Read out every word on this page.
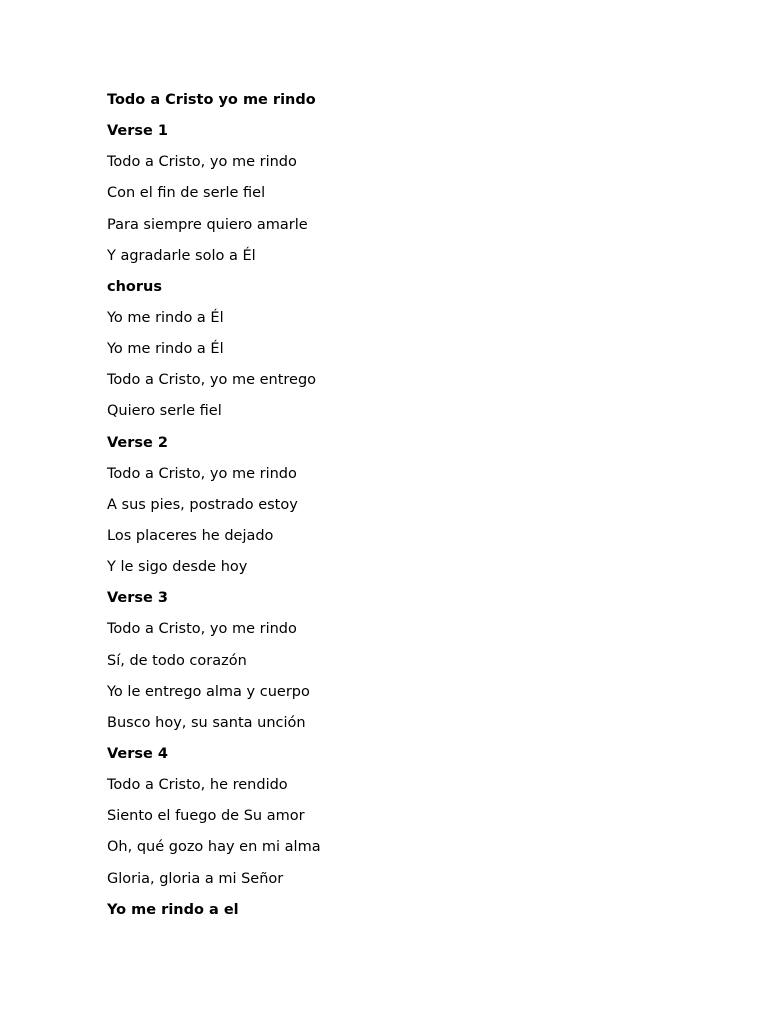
Todo a Cristo yo me rindo

Verse 1

Todo a Cristo, yo me rindo

Con el fin de serle fiel

Para siempre quiero amarle

Y agradarle solo a Él

chorus

Yo me rindo a Él

Yo me rindo a Él

Todo a Cristo, yo me entrego

Quiero serle fiel

Verse 2

Todo a Cristo, yo me rindo

A sus pies, postrado estoy

Los placeres he dejado

Y le sigo desde hoy

Verse 3

Todo a Cristo, yo me rindo

Sí, de todo corazón

Yo le entrego alma y cuerpo

Busco hoy, su santa unción

Verse 4

Todo a Cristo, he rendido

Siento el fuego de Su amor

Oh, qué gozo hay en mi alma

Gloria, gloria a mi Señor

Yo me rindo a el
